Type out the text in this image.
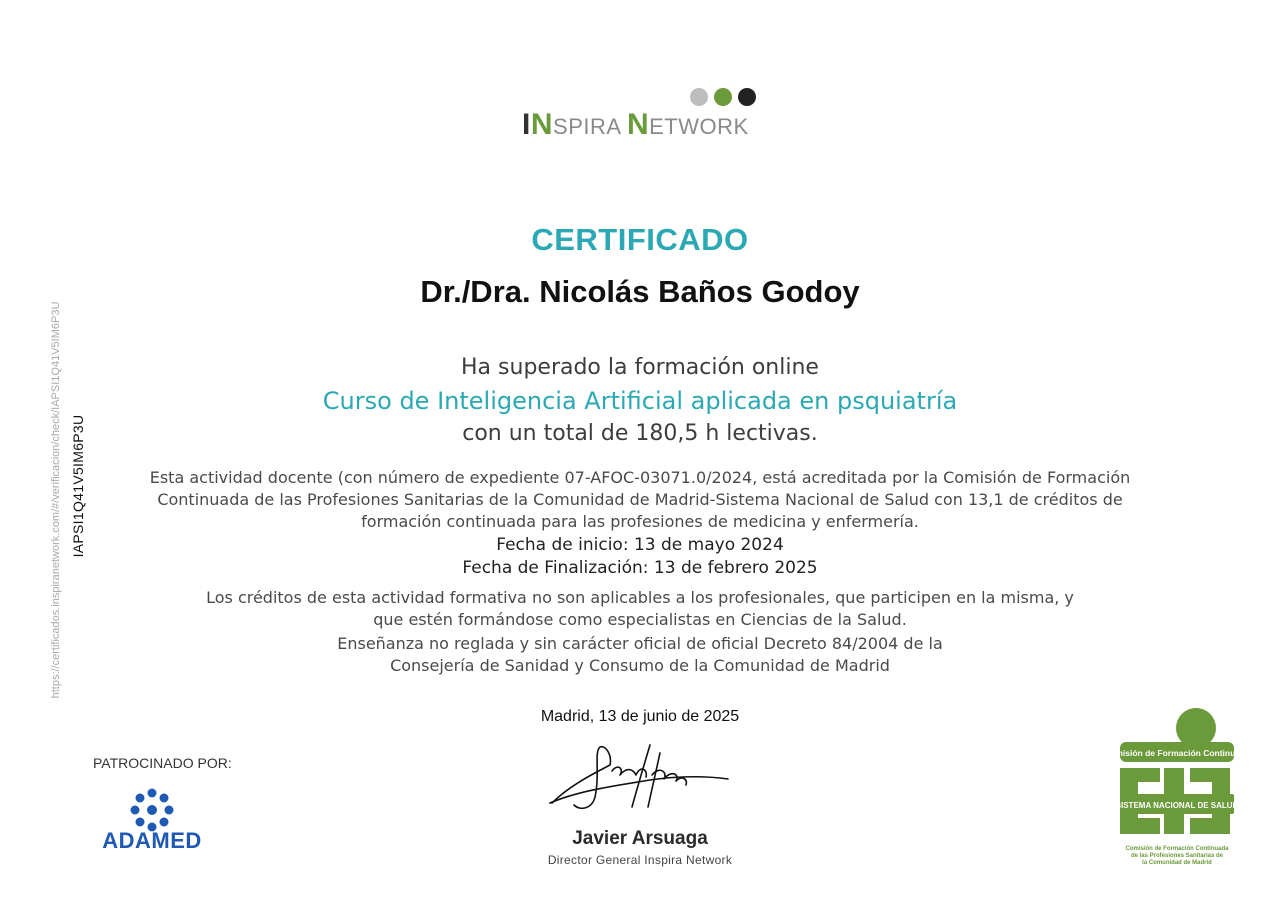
https://certificados.inspiranetwork.com/#/verificacion/check/IAPSI1Q41V5IM6P3U IAPSI1Q41V5IM6P3U
INSPIRA NETWORK
CERTIFICADO
Dr./Dra. Nicolás Baños Godoy
Ha superado la formación online
Curso de Inteligencia Artificial aplicada en psquiatría
con un total de 180,5 h lectivas.
Esta actividad docente (con número de expediente 07-AFOC-03071.0/2024, está acreditada por la Comisión de Formación Continuada de las Profesiones Sanitarias de la Comunidad de Madrid-Sistema Nacional de Salud con 13,1 de créditos de formación continuada para las profesiones de medicina y enfermería.
Fecha de inicio: 13 de mayo 2024
Fecha de Finalización: 13 de febrero 2025
Los créditos de esta actividad formativa no son aplicables a los profesionales, que participen en la misma, y que estén formándose como especialistas en Ciencias de la Salud.
Enseñanza no reglada y sin carácter oficial de oficial Decreto 84/2004 de la Consejería de Sanidad y Consumo de la Comunidad de Madrid
Madrid, 13 de junio de 2025
PATROCINADO POR:
ADAMED	Javier Arsuaga
Director General Inspira Network
Comisión de Formación Continuada
SISTEMA NACIONAL DE SALUD
Comisión de Formación Continuada
de las Profesiones Sanitarias de
la Comunidad de Madrid
